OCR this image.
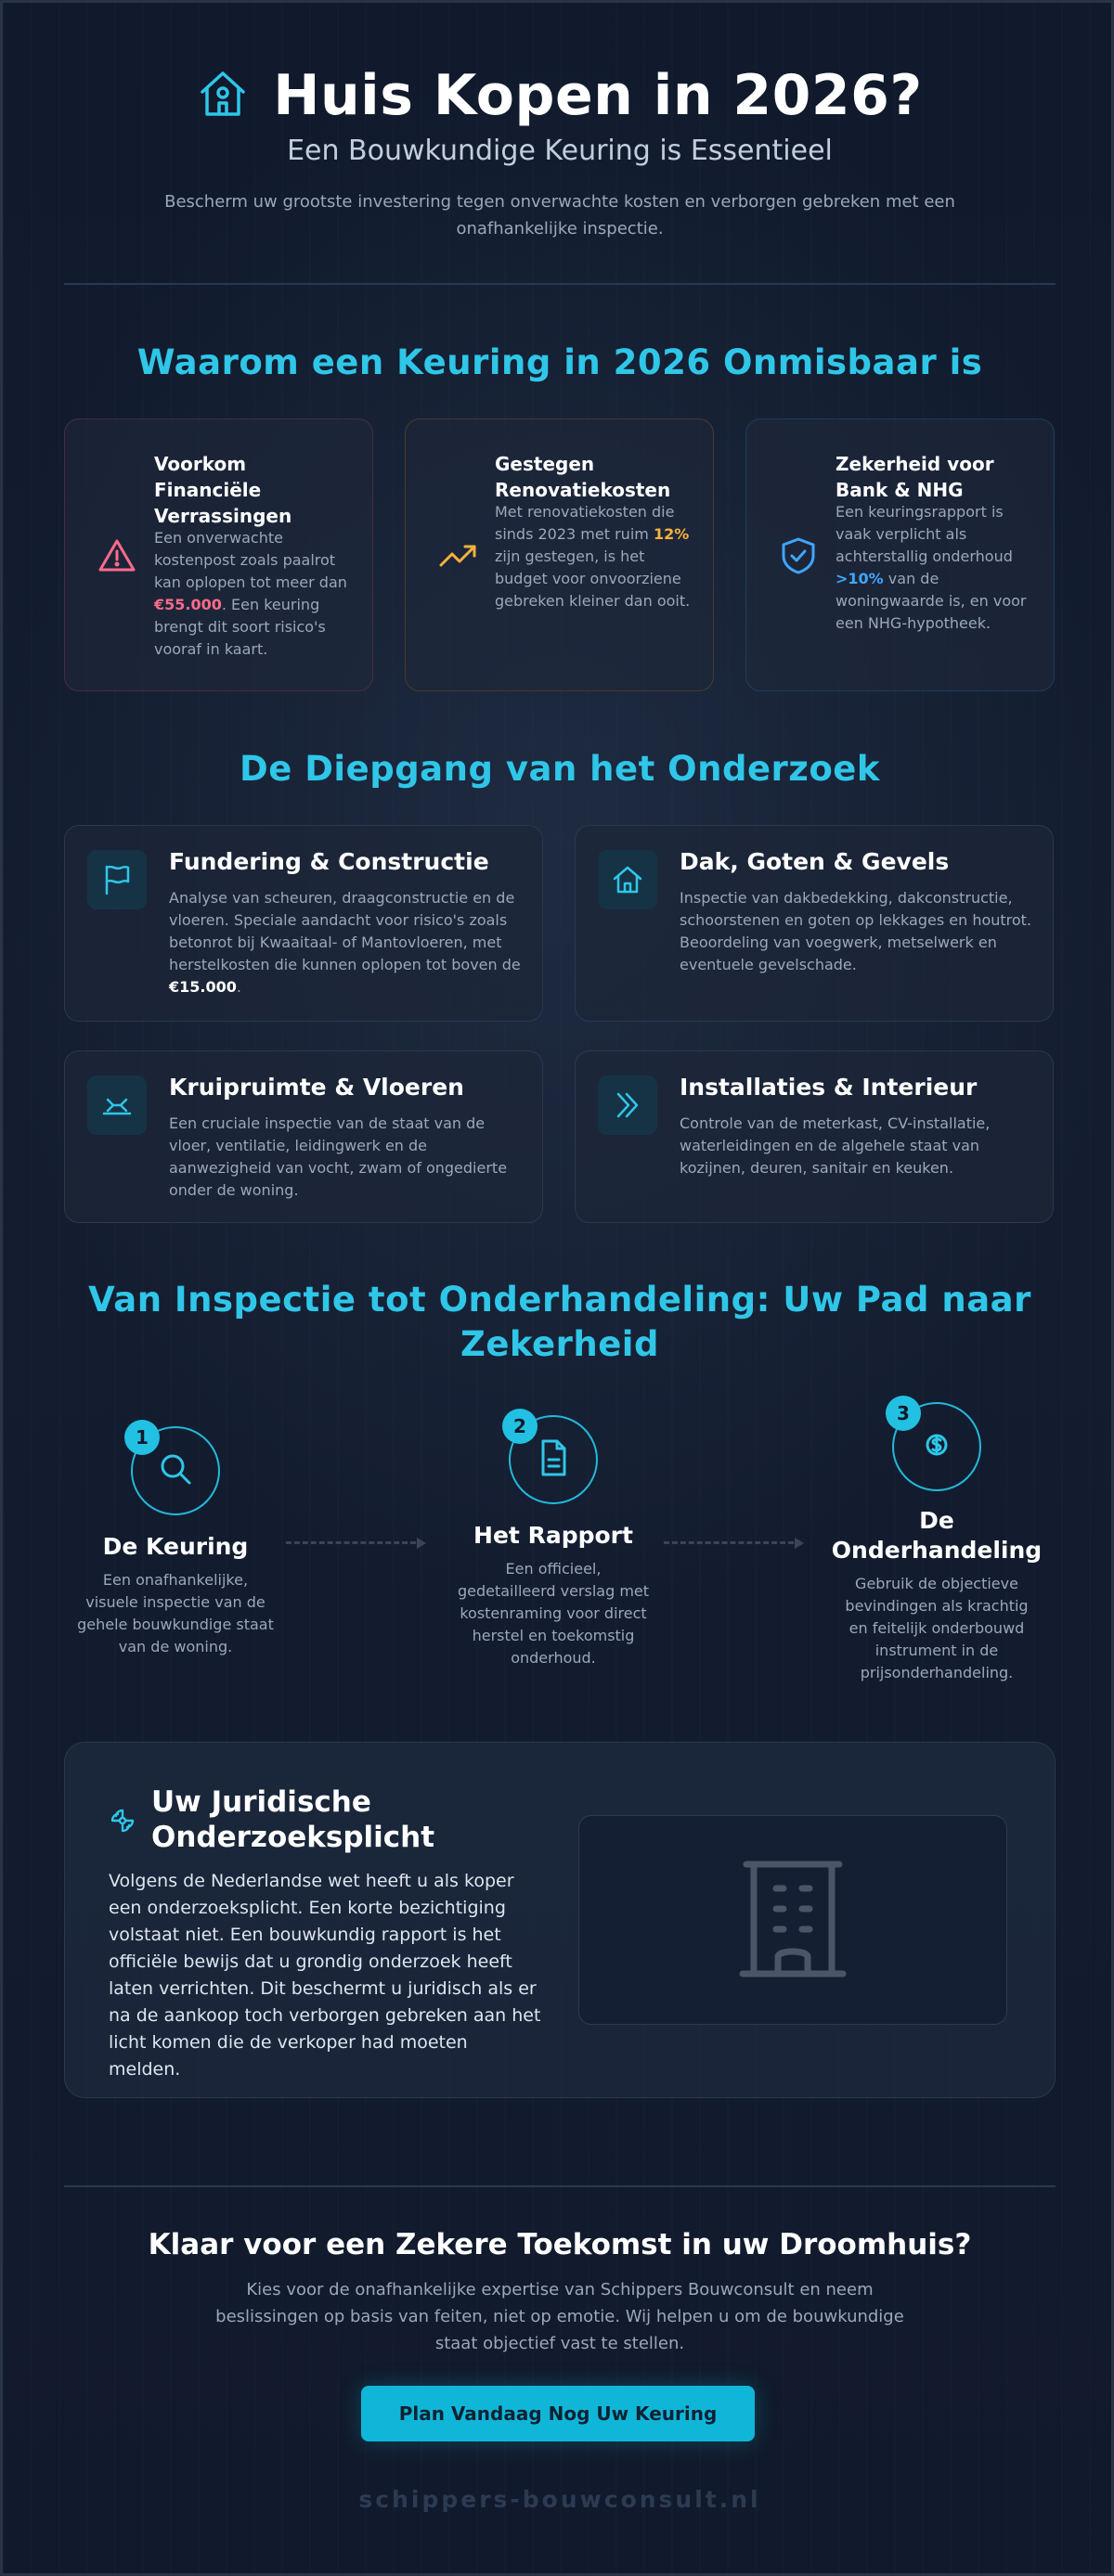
Huis Kopen in 2026?
Een Bouwkundige Keuring is Essentieel
Bescherm uw grootste investering tegen onverwachte kosten en verborgen gebreken met een onafhankelijke inspectie.
Waarom een Keuring in 2026 Onmisbaar is
Voorkom Financiële Verrassingen
Een onverwachte kostenpost zoals paalrot kan oplopen tot meer dan €55.000. Een keuring brengt dit soort risico's vooraf in kaart.
Gestegen Renovatiekosten
Met renovatiekosten die sinds 2023 met ruim 12% zijn gestegen, is het budget voor onvoorziene gebreken kleiner dan ooit.
Zekerheid voor Bank & NHG
Een keuringsrapport is vaak verplicht als achterstallig onderhoud >10% van de woningwaarde is, en voor een NHG-hypotheek.
De Diepgang van het Onderzoek
Fundering & Constructie
Analyse van scheuren, draagconstructie en de vloeren. Speciale aandacht voor risico's zoals betonrot bij Kwaaitaal- of Mantovloeren, met herstelkosten die kunnen oplopen tot boven de €15.000.
Dak, Goten & Gevels
Inspectie van dakbedekking, dakconstructie, schoorstenen en goten op lekkages en houtrot. Beoordeling van voegwerk, metselwerk en eventuele gevelschade.
Kruipruimte & Vloeren
Een cruciale inspectie van de staat van de vloer, ventilatie, leidingwerk en de aanwezigheid van vocht, zwam of ongedierte onder de woning.
Installaties & Interieur
Controle van de meterkast, CV-installatie, waterleidingen en de algehele staat van kozijnen, deuren, sanitair en keuken.
Van Inspectie tot Onderhandeling: Uw Pad naar Zekerheid
1
De Keuring
Een onafhankelijke, visuele inspectie van de gehele bouwkundige staat van de woning.
2
Het Rapport
Een officieel, gedetailleerd verslag met kostenraming voor direct herstel en toekomstig onderhoud.
3
De Onderhandeling
Gebruik de objectieve bevindingen als krachtig en feitelijk onderbouwd instrument in de prijsonderhandeling.
Uw Juridische Onderzoeksplicht

Volgens de Nederlandse wet heeft u als koper een onderzoeksplicht. Een korte bezichtiging volstaat niet. Een bouwkundig rapport is het officiële bewijs dat u grondig onderzoek heeft laten verrichten. Dit beschermt u juridisch als er na de aankoop toch verborgen gebreken aan het licht komen die de verkoper had moeten melden.

Klaar voor een Zekere Toekomst in uw Droomhuis?

Kies voor de onafhankelijke expertise van Schippers Bouwconsult en neem beslissingen op basis van feiten, niet op emotie. Wij helpen u om de bouwkundige staat objectief vast te stellen.

Plan Vandaag Nog Uw Keuring
schippers-bouwconsult.nl
